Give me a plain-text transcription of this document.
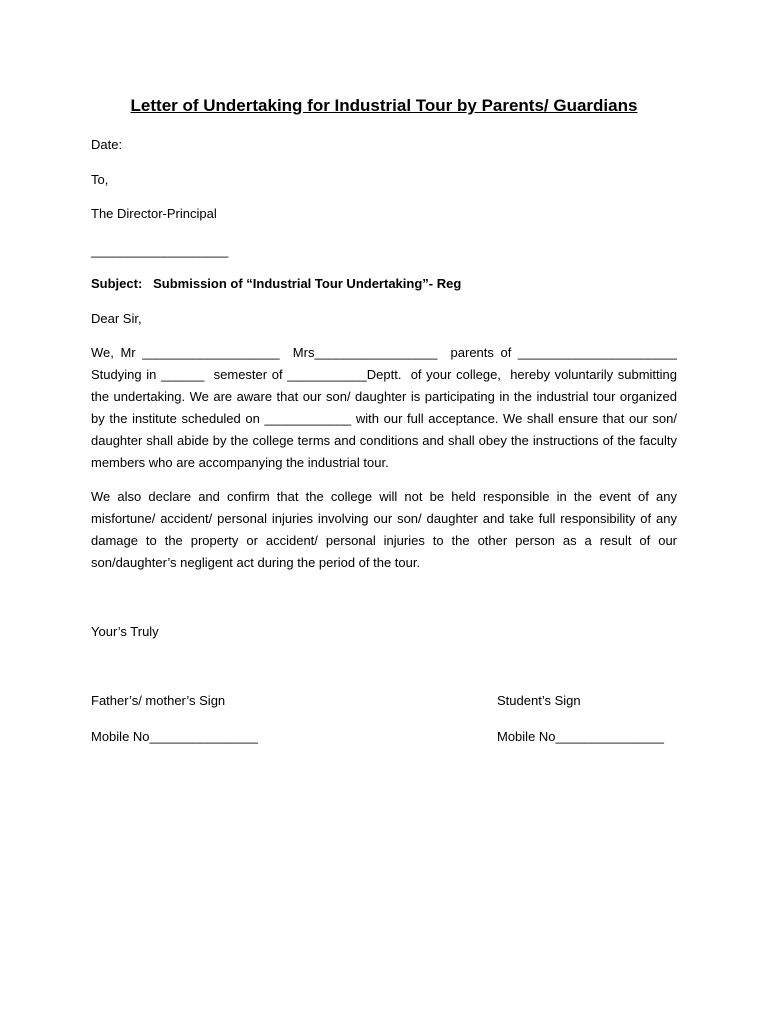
Letter of Undertaking for Industrial Tour by Parents/ Guardians
Date:
To,
The Director-Principal
___________________
Subject:   Submission of “Industrial Tour Undertaking”- Reg
Dear Sir,
We, Mr ___________________  Mrs_________________  parents of ______________________ Studying in ______  semester of ___________Deptt.  of your college,  hereby voluntarily submitting the undertaking. We are aware that our son/ daughter is participating in the industrial tour organized by the institute scheduled on ____________ with our full acceptance. We shall ensure that our son/ daughter shall abide by the college terms and conditions and shall obey the instructions of the faculty members who are accompanying the industrial tour.
We also declare and confirm that the college will not be held responsible in the event of any misfortune/ accident/ personal injuries involving our son/ daughter and take full responsibility of any damage to the property or accident/ personal injuries to the other person as a result of our son/daughter’s negligent act during the period of the tour.
Your’s Truly
Father’s/ mother’s Sign	Student’s Sign
Mobile No_______________	Mobile No_______________
